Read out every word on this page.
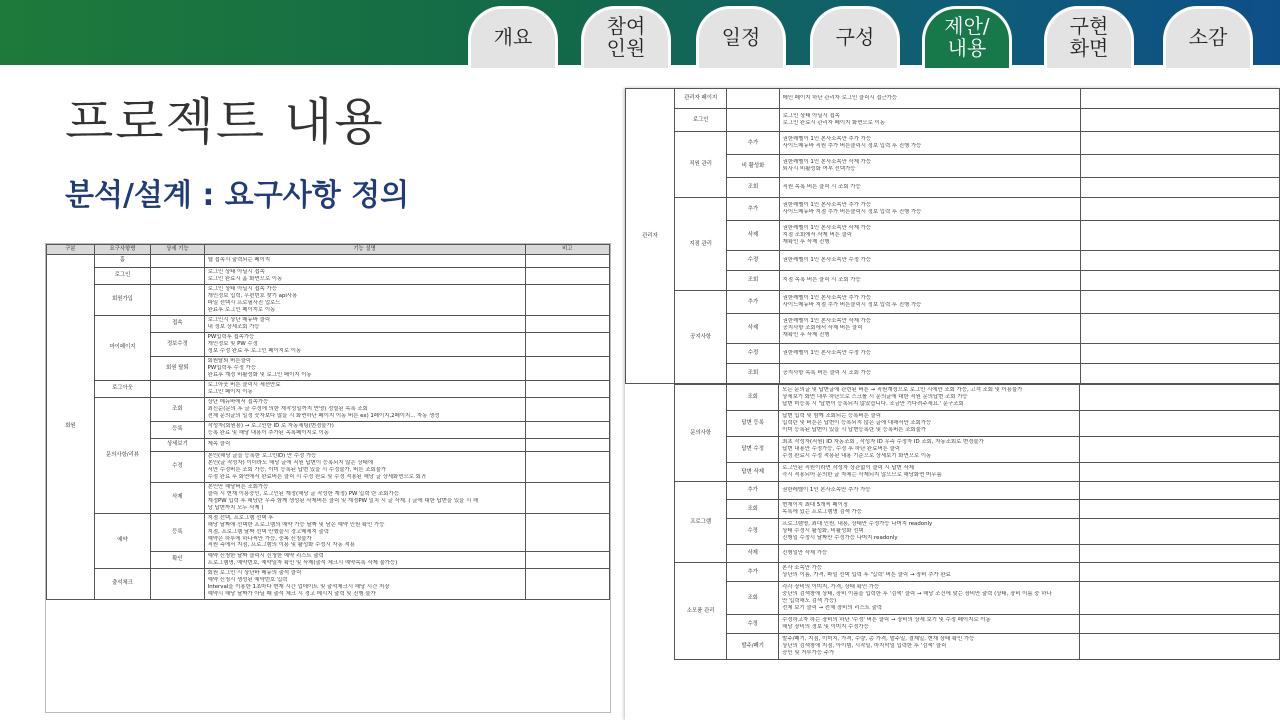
개요	참여
인원	일정	구성	제안/
내용
구현
화면	소감
프로젝트 내용
분석/설계 : 요구사항 정의
구분	요구사항명	상세 기능	기능 설명	비고
회원	홈		웹 접속시 출력되는 페이지	

	로그인		로그인 상태 아닐시 접속
로그인 완료시 홈 화면으로 이동	

	회원가입		로그인 상태 아닐시 접속 가능
개인정보 입력, 우편번호 찾기 api사용
파일 선택시 프로필사진 업로드
완료후 로그인 페이지로 이동	

	마이페이지	접속	로그인시 상단 메뉴바 클릭
내 정보 상세조회 가능	

		정보수정	PW입력후 접속가능
개인정보 및 PW 수정
정보 수정 완료 후 로그인 페이지로 이동	

		회원 탈퇴	회원탈퇴 버튼클릭
PW입력후 수정 가능
완료후 계정 비활성화 및 로그인 페이지 이동	

	로그아웃		로그아웃 버튼 클릭시 세션만료
로그인 페이지 이동	

	문의사항/리뷰	조회	상단 메뉴바에서 접속가능
최신순(문의 후 글 수정에 의한 재작성일까지 반영) 정렬된 목록 조회
전체 문의글의 일정 숫자보다 많을 시 화면하단 페이지 이동 버튼 ex) 1페이지,2페이지... 자동 생성	

		등록	작성자(회원용) → 로그인한 ID 로 자동세팅(변경불가)
등록 완료 및 해당 내용이 추가된 목록페이지로 이동	

		상세보기	제목 클릭	

		수정	본인(해당 글을 등록한 로그인ID) 만 수정 가능
본인(글 작성자) 이더라도 해당 글에 직원 답변이 등록되지 않은 상태에
서만 수정버튼 조회 가능, 이미 등록된 답변 있을 시 수정불가, 버튼 조회불가
수정 완료 후 화면에서 완료버튼 클릭 시 수정 완료 및 수정 적용된 해당 글 상세화면으로 회귀	

		삭제	본인만 해당버튼 조회가능
클릭 시 현재 이용중인, 로그인된 계정(해당 글 작성한 계정) PW 입력 란 조회가능
계정PW 입력 후 해당란 우측 함께 생성된 삭제버튼 클릭 및 계정PW 일치 시 글 삭제. ( 글에 대한 답변을 있을 시 해
당 답변까지 모두 삭제 )	

	예약	등록	지점 선택, 프로그램 선택 후
해당 날짜에 선택한 프로그램의 예약 가능 날짜 및 남은 예약 인원 확인 가능
지점, 프로그램 날짜 선택 안했을시 경고메세지 출력
예약은 하루에 하나씩만 가능, 중복 신청불가
직원 측에서 지점, 프로그램의 이용 및 활성화 수정시 자동 적용	

		확인	예약 신청한 날짜 클릭시 신청한 예약 리스트 출력
프로그램명, 예약번호, 예약일자 확인 및 삭제(출석 체크시 예약목록 삭제 불가능)	

	출석체크		회원 로그인 시 상단바 메뉴의 출석 클릭
예약 신청시 생성된 예약번호 입력
Interval을 이용한 1초마다 현재 시간 업데이트 및 출석체크시 해당 시간 저장
예약시 해당 날짜가 아닐 때 출석 체크 시 경고 메시지 출력 및 진행 불가	

관리자	관리자 페이지		메인 페이지 하단 관리자 로그인 클릭시 접근가능	

	로그인		로그인 상태 아닐시 접속
로그인 완료시 관리자 페이지 화면으로 이동	

	직원 관리	추가	권한레벨이 1인 본사소속만 추가 가능
사이드메뉴바 직원 추가 버튼클릭시 정보 입력 후 진행 가능	

		비 활성화	권한레벨이 1인 본사소속만 삭제 가능
퇴사시 비활성화 여부 선택가능	

		조회	직원 목록 버튼 클릭 시 조회 가능	

	지점 관리	추가	권한레벨이 1인 본사소속만 추가 가능
사이드메뉴바 지점 추가 버튼클릭시 정보 입력 후 진행 가능	

		삭제	권한레벨이 1인 본사소속만 삭제 가능
지점 조회에서 삭제 버튼 클릭
재확인 후 삭제 진행	

		수정	권한레벨이 1인 본사소속만 수정 가능	

		조회	지점 목록 버튼 클릭 시 조회 가능	

	공지사항	추가	권한레벨이 1인 본사소속만 추가 가능
사이드메뉴바 지점 추가 버튼클릭시 정보 입력 후 진행 가능	

		삭제	권한레벨이 1인 본사소속만 삭제 가능
공지사항 조회에서 삭제 버튼 클릭
재확인 후 삭제 진행	

		수정	권한레벨이 1인 본사소속만 수정 가능	

		조회	공지사항 목록 버튼 클릭 시 조회 가능	

문의사항	조회	모든 문의글 및 답변글에 관련된 버튼 → 직원계정으로 로그인 시에만 조회 가능, 고객 조회 및 이용불가
상세보기 화면 내부 하단으로 스크롤 시 문의글에 대한 직원 문의답변 조회 가능
답변 미등록 시 '답변이 등록되지 않았습니다. 조금만 기다려주세요.' 문구조회	

	답변 등록	답변 입력 및 함께 조회되는 등록버튼 클릭
입력란 및 버튼은 답변이 등록되지 않은 글에 대해서만 조회가능
이미 등록된 답변이 있을 시 답변등록란 및 등록버튼 조회불가	

	답변 수정	최초 작성자(직원) ID 자동조회 , 작성자 ID 우측 수정자 ID 조회, 자동조회로 변경불가
답변 내용만 수정가능, 수정 후 하단 완료버튼 클릭
수정 완료시 수정 적용된 내용 기준으로 상세보기 화면으로 이동	

	답변 삭제	로그인된 직원이라면 작성자 상관없이 클릭 시 답변 삭제
즉시 적용되어 문의한 글 자체는 삭제되지 않으므로 해당화면 머무름	

프로그램	추가	권한레벨이 1인 본사소속만 추가 가능	

	조회	현재이지 최대 5개씩 페이징
목록에 있는 프로그램명 검색 가능	

	수정	프로그램명, 최대 인원, 내용, 상태만 수정가능 나머지 readonly
상태 수정시 활성화, 비활성화 선택
진행일 수정시 날짜만 수정가능 나머지 readonly	

	삭제	진행일만 삭제 가능	

소모품 관리	추가	본사 소속만 가능
상단의 이름, 가격, 파일 선택 입력 후 '입력' 버튼 클릭 → 장비 추가 완료	

	조회	각각 장비의 이미지, 가격, 상태 확인 가능
중단의 검색창에 상태, 장비 이름을 입력한 후 '검색' 클릭 → 해당 조건에 맞는 장비만 출력 (상태, 장비 이름 중 하나
만 입력해도 검색 가능)
전체 보기 클릭 → 전체 장비의 리스트 출력	

	수정	수정하고자 하는 장비의 하단 '수정' 버튼 클릭 → 장비의 상세 보기 및 수정 페이지로 이동
해당 장비의 정보 및 이미지 수정가능	

	발주/폐기	발주/폐기, 지점, 이미지, 가격, 수량, 총 가격, 발주일, 결제일, 현재 상태 확인 가능
상단의 검색창에 지점, 아이템, 시작일, 마지막일 입력한 후 '검색' 클릭
승인 및 거부가능 주가	
